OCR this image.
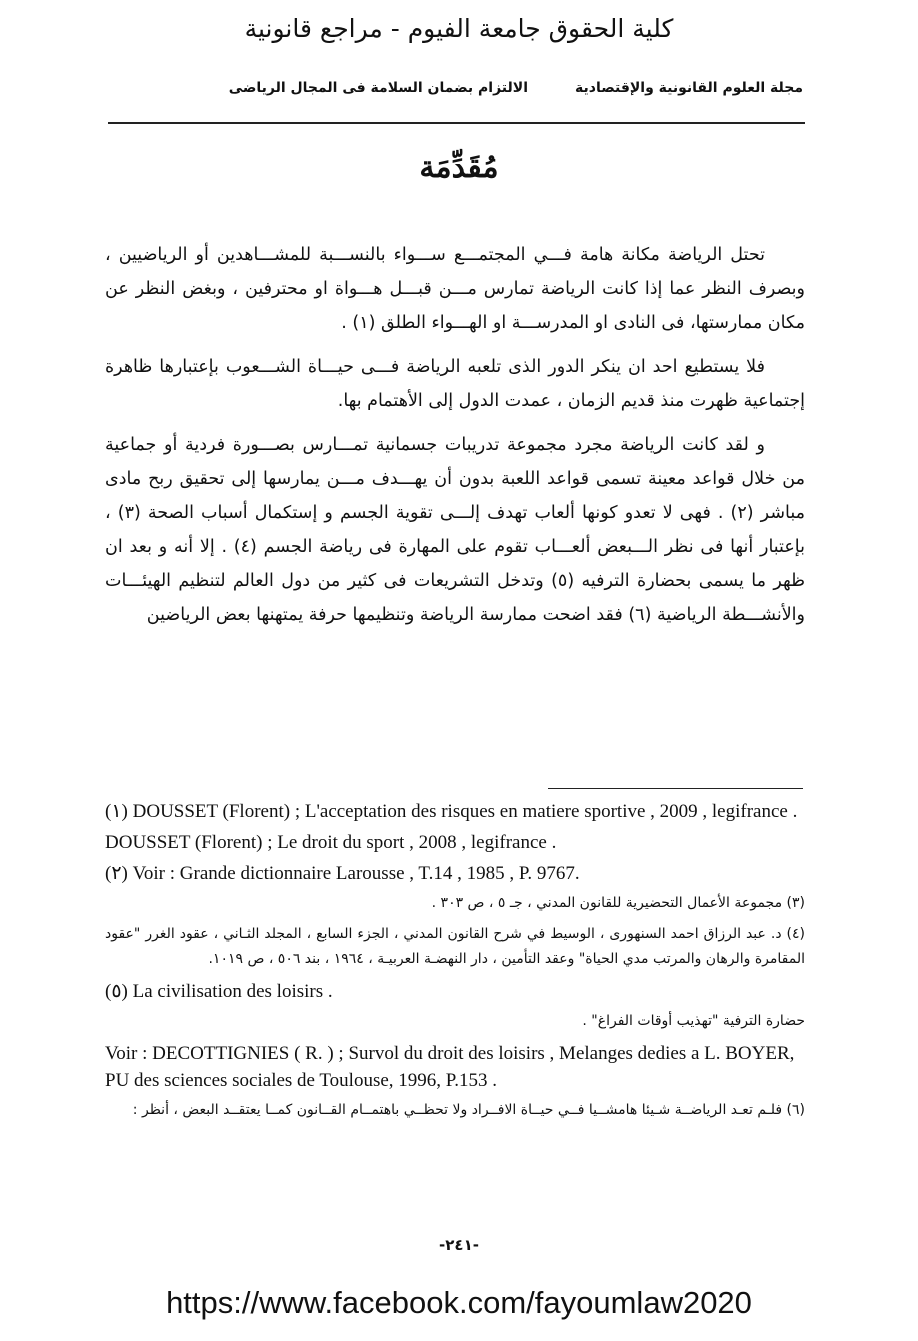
كلية الحقوق جامعة الفيوم - مراجع قانونية
مجلة العلوم القانونية والإقتصادية
الالتزام بضمان السلامة فى المجال الرياضى
مُقَدِّمَة

تحتل الرياضة مكانة هامة فـــي المجتمـــع ســـواء بالنســـبة للمشـــاهدين أو الرياضيين ، وبصرف النظر عما إذا كانت الرياضة تمارس مـــن قبـــل هـــواة او محترفين ، وبغض النظر عن مكان ممارستها، فى النادى او المدرســـة او الهـــواء الطلق (١) .

فلا يستطيع احد ان ينكر الدور الذى تلعبه الرياضة فـــى حيـــاة الشـــعوب بإعتبارها ظاهرة إجتماعية ظهرت منذ قديم الزمان ، عمدت الدول إلى الأهتمام بها.

و لقد كانت الرياضة مجرد مجموعة تدريبات جسمانية تمـــارس بصـــورة فردية أو جماعية من خلال قواعد معينة تسمى قواعد اللعبة بدون أن يهـــدف مـــن يمارسها إلى تحقيق ربح مادى مباشر (٢) . فهى لا تعدو كونها ألعاب تهدف إلـــى تقوية الجسم و إستكمال أسباب الصحة (٣) ، بإعتبار أنها فى نظر الـــبعض ألعـــاب تقوم على المهارة فى رياضة الجسم (٤) . إلا أنه و بعد ان ظهر ما يسمى بحضارة الترفيه (٥) وتدخل التشريعات فى كثير من دول العالم لتنظيم الهيئـــات والأنشـــطة الرياضية (٦) فقد اضحت ممارسة الرياضة وتنظيمها حرفة يمتهنها بعض الرياضين

(١) DOUSSET (Florent) ; L'acceptation des risques en matiere sportive , 2009 , legifrance .

DOUSSET (Florent) ; Le droit du sport , 2008 , legifrance .

(٢) Voir : Grande dictionnaire Larousse , T.14 , 1985 , P. 9767.

(٣) مجموعة الأعمال التحضيرية للقانون المدني ، جـ ٥ ، ص ٣٠٣ .

(٤) د. عبد الرزاق احمد السنهورى ، الوسيط في شرح القانون المدني ، الجزء السابع ، المجلد الثـاني ، عقود الغرر "عقود المقامرة والرهان والمرتب مدي الحياة" وعقد التأمين ، دار النهضـة العربيـة ، ١٩٦٤ ، بند ٥٠٦ ، ص ١٠١٩.

(٥) La civilisation des loisirs .

حضارة الترفية "تهذيب أوقات الفراغ" .

Voir : DECOTTIGNIES ( R. ) ; Survol du droit des loisirs , Melanges dedies a L. BOYER, PU des sciences sociales de Toulouse, 1996, P.153 .

(٦) فلـم تعـد الرياضــة شـيئا هامشــيا فــي حيــاة الافــراد ولا تحظــي باهتمــام القــانون كمــا يعتقــد البعض ، أنظر :

-٢٤١-
https://www.facebook.com/fayoumlaw2020
